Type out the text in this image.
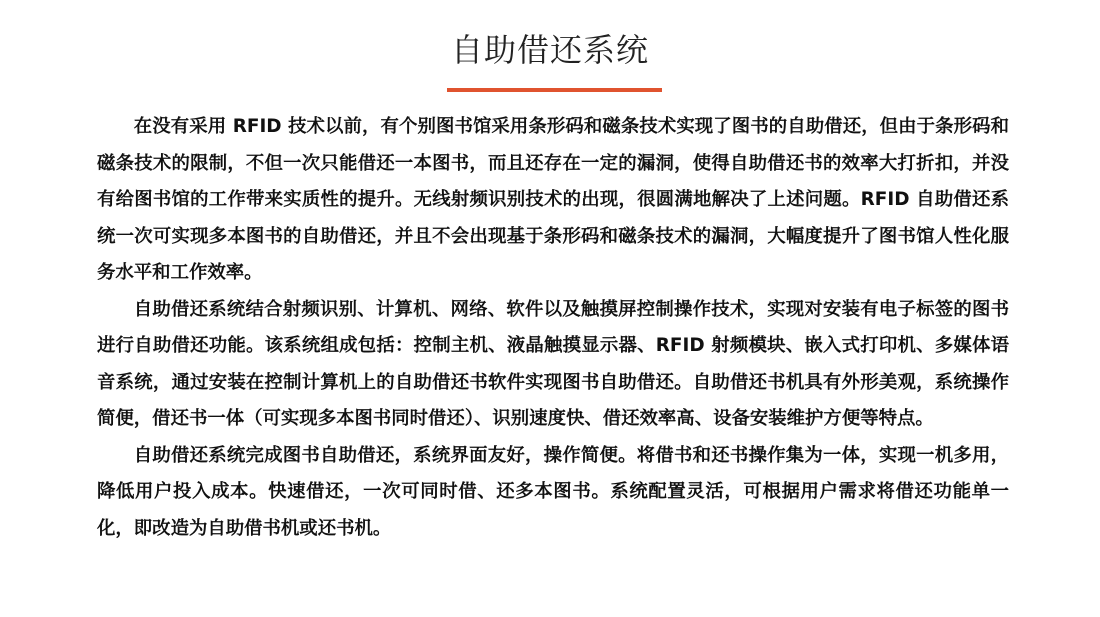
自助借还系统

在没有采用 RFID 技术以前，有个别图书馆采用条形码和磁条技术实现了图书的自助借还，但由于条形码和磁条技术的限制，不但一次只能借还一本图书，而且还存在一定的漏洞，使得自助借还书的效率大打折扣，并没有给图书馆的工作带来实质性的提升。无线射频识别技术的出现，很圆满地解决了上述问题。RFID 自助借还系统一次可实现多本图书的自助借还，并且不会出现基于条形码和磁条技术的漏洞，大幅度提升了图书馆人性化服务水平和工作效率。

自助借还系统结合射频识别、计算机、网络、软件以及触摸屏控制操作技术，实现对安装有电子标签的图书进行自助借还功能。该系统组成包括：控制主机、液晶触摸显示器、RFID 射频模块、嵌入式打印机、多媒体语音系统，通过安装在控制计算机上的自助借还书软件实现图书自助借还。自助借还书机具有外形美观，系统操作简便，借还书一体（可实现多本图书同时借还）、识别速度快、借还效率高、设备安装维护方便等特点。

自助借还系统完成图书自助借还，系统界面友好，操作简便。将借书和还书操作集为一体，实现一机多用，降低用户投入成本。快速借还，一次可同时借、还多本图书。系统配置灵活，可根据用户需求将借还功能单一化，即改造为自助借书机或还书机。
